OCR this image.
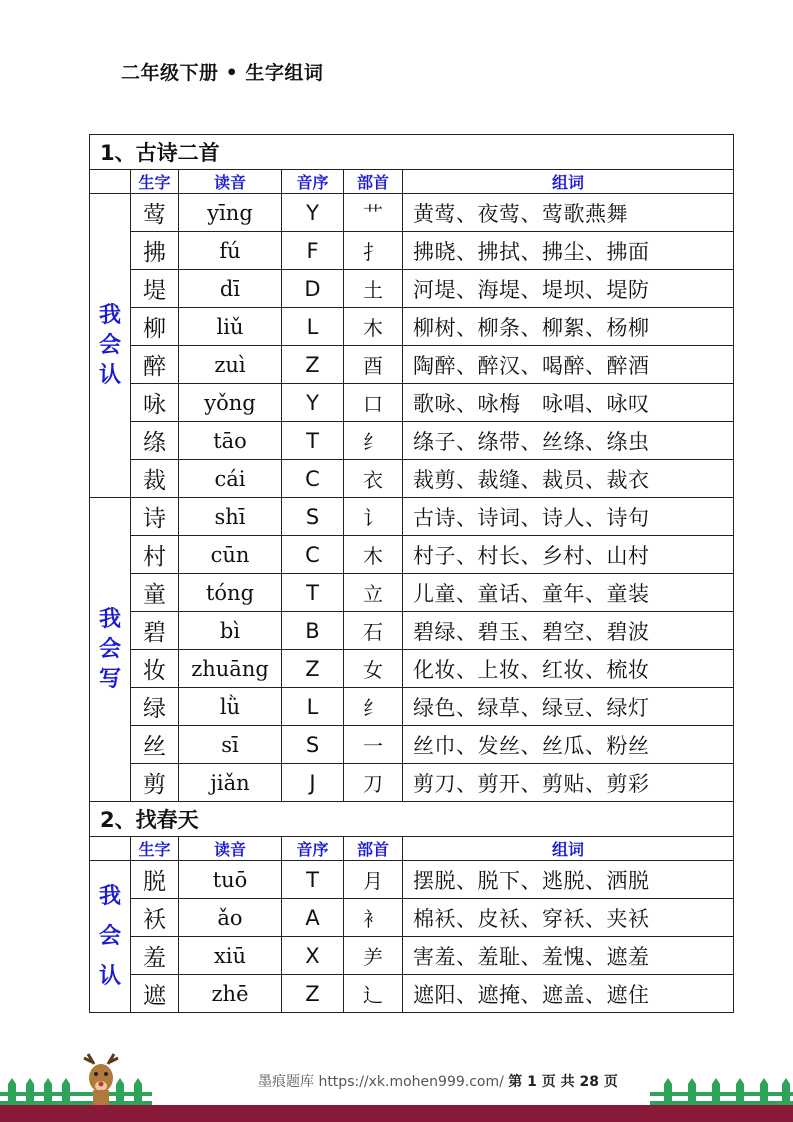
二年级下册 • 生字组词
1、古诗二首					
	生字	读音	音序	部首	组词

我
会
认	莺	yīng	Y	艹	黄莺、夜莺、莺歌燕舞
	拂	fú	F	扌	拂晓、拂拭、拂尘、拂面
	堤	dī	D	土	河堤、海堤、堤坝、堤防
	柳	liǔ	L	木	柳树、柳条、柳絮、杨柳
	醉	zuì	Z	酉	陶醉、醉汉、喝醉、醉酒
	咏	yǒng	Y	口	歌咏、咏梅　咏唱、咏叹
	绦	tāo	T	纟	绦子、绦带、丝绦、绦虫
	裁	cái	C	衣	裁剪、裁缝、裁员、裁衣

我
会
写	诗	shī	S	讠	古诗、诗词、诗人、诗句
	村	cūn	C	木	村子、村长、乡村、山村
	童	tóng	T	立	儿童、童话、童年、童装
	碧	bì	B	石	碧绿、碧玉、碧空、碧波
	妆	zhuāng	Z	女	化妆、上妆、红妆、梳妆
	绿	lǜ	L	纟	绿色、绿草、绿豆、绿灯
	丝	sī	S	一	丝巾、发丝、丝瓜、粉丝
	剪	jiǎn	J	刀	剪刀、剪开、剪贴、剪彩
2、找春天					
	生字	读音	音序	部首	组词

我
会
认	脱	tuō	T	月	摆脱、脱下、逃脱、洒脱
	袄	ǎo	A	衤	棉袄、皮袄、穿袄、夹袄
	羞	xiū	X	⺶	害羞、羞耻、羞愧、遮羞
	遮	zhē	Z	辶	遮阳、遮掩、遮盖、遮住
墨痕题库 https://xk.mohen999.com/ 第 1 页 共 28 页
